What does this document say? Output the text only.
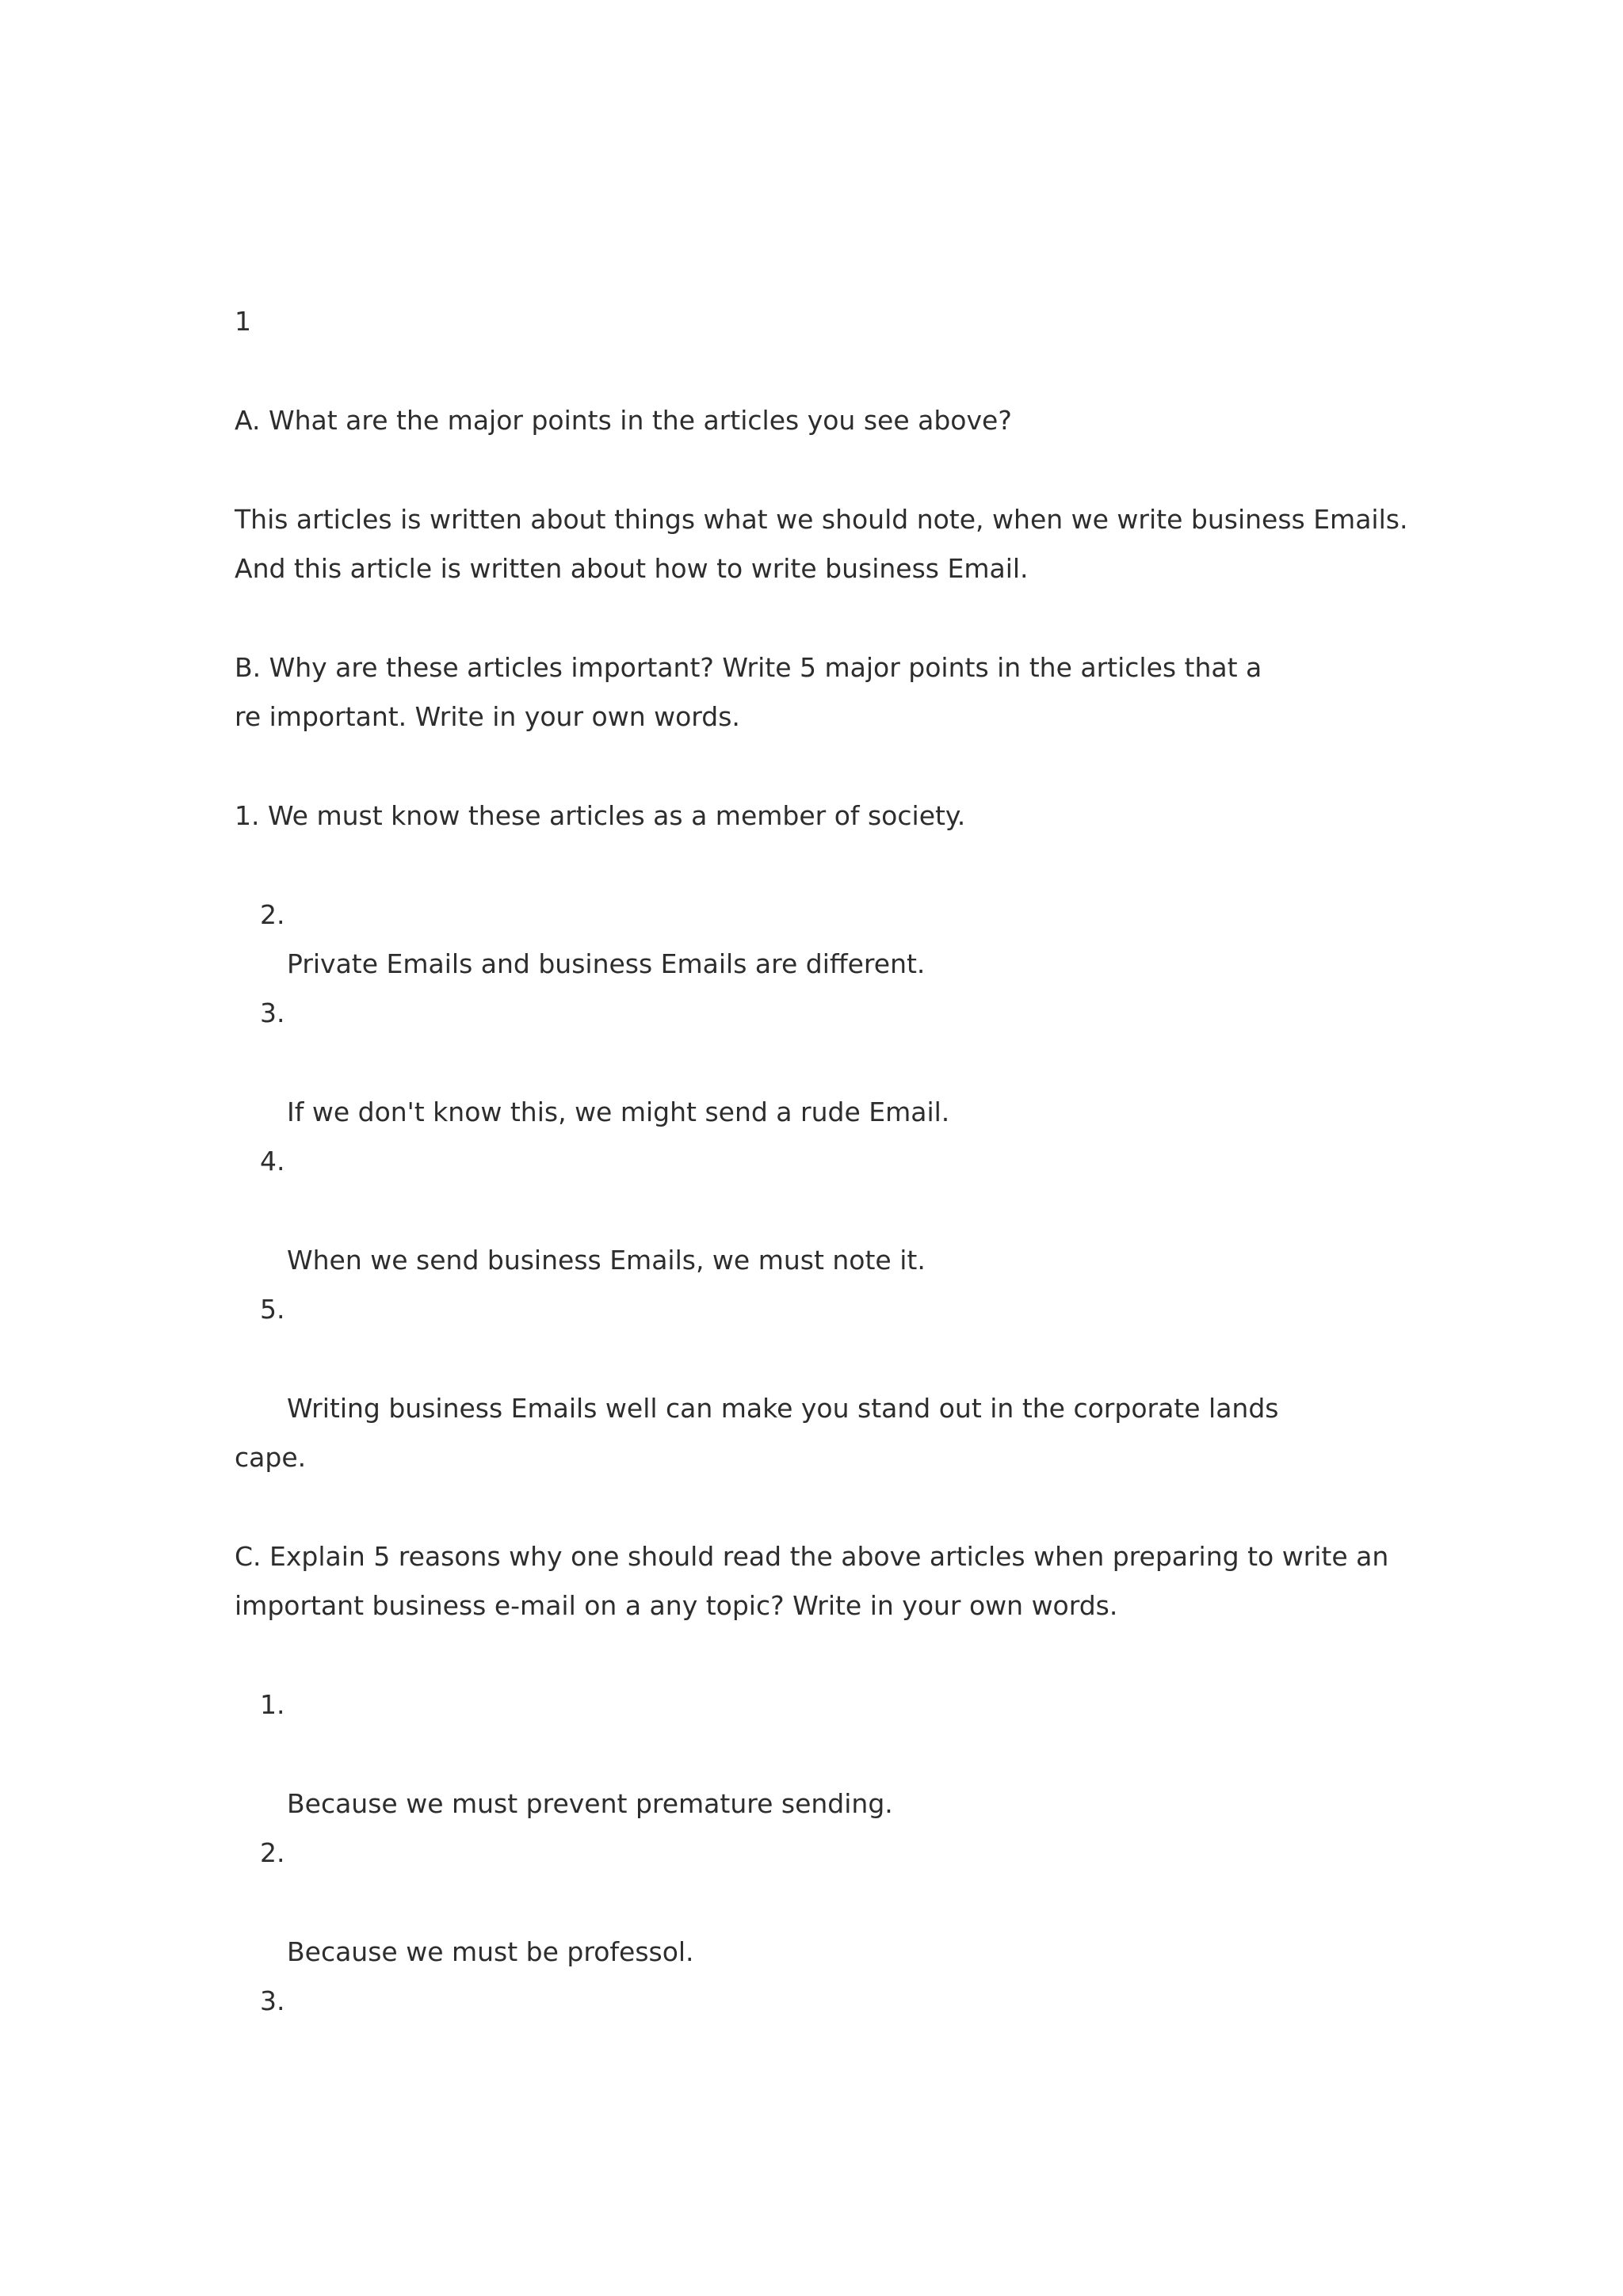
1

A. What are the major points in the articles you see above?

This articles is written about things what we should note, when we write business Emails.

And this article is written about how to write business Email.

B. Why are these articles important? Write 5 major points in the articles that a

re important. Write in your own words.

1. We must know these articles as a member of society.

2.

Private Emails and business Emails are different.

3.

If we don't know this, we might send a rude Email.

4.

When we send business Emails, we must note it.

5.

Writing business Emails well can make you stand out in the corporate lands

cape.

C. Explain 5 reasons why one should read the above articles when preparing to write an

important business e-mail on a any topic? Write in your own words.

1.

Because we must prevent premature sending.

2.

Because we must be professol.

3.
